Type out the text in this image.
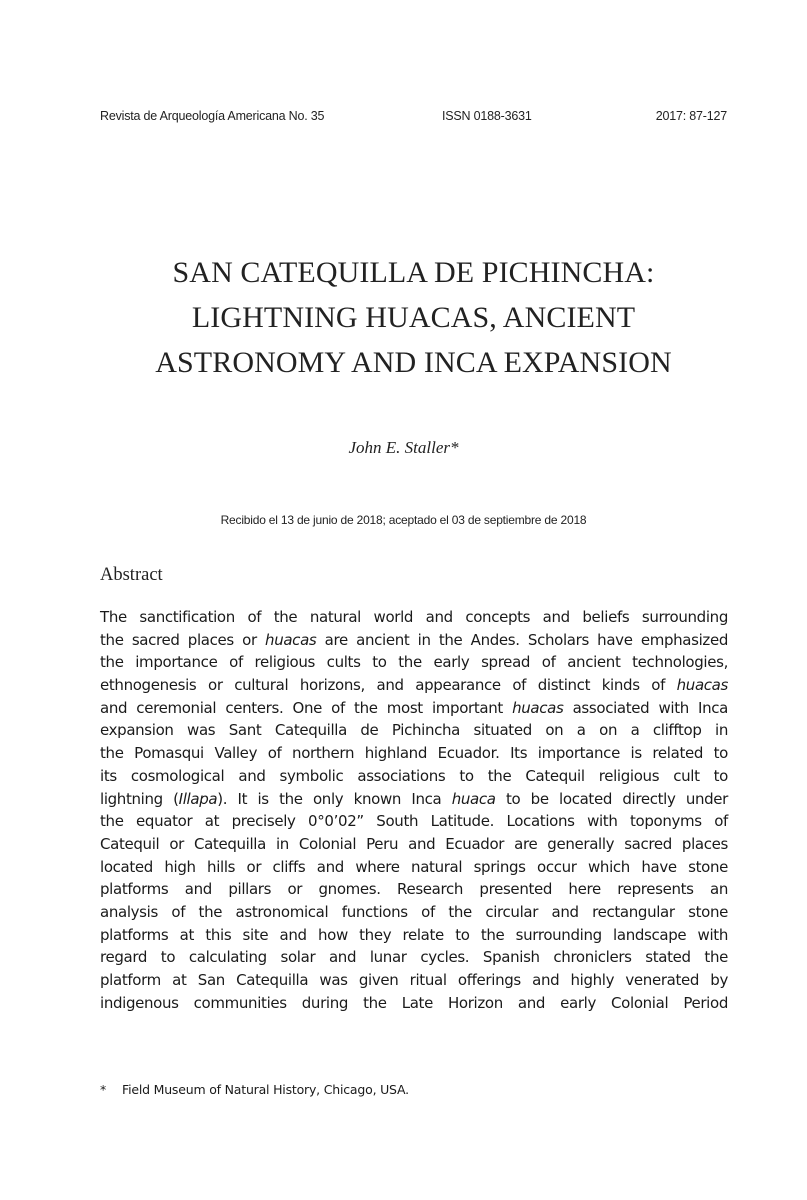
Revista de Arqueología Americana No. 35	ISSN 0188-3631	2017: 87-127
SAN CATEQUILLA DE PICHINCHA:
LIGHTNING HUACAS, ANCIENT
ASTRONOMY AND INCA EXPANSION
John E. Staller*
Recibido el 13 de junio de 2018; aceptado el 03 de septiembre de 2018
Abstract
The sanctification of the natural world and concepts and beliefs surrounding
the sacred places or huacas are ancient in the Andes. Scholars have emphasized
the importance of religious cults to the early spread of ancient technologies,
ethnogenesis or cultural horizons, and appearance of distinct kinds of huacas
and ceremonial centers. One of the most important huacas associated with Inca
expansion was Sant Catequilla de Pichincha situated on a on a clifftop in
the Pomasqui Valley of northern highland Ecuador. Its importance is related to
its cosmological and symbolic associations to the Catequil religious cult to
lightning (Illapa). It is the only known Inca huaca to be located directly under
the equator at precisely 0°0’02” South Latitude. Locations with toponyms of
Catequil or Catequilla in Colonial Peru and Ecuador are generally sacred places
located high hills or cliffs and where natural springs occur which have stone
platforms and pillars or gnomes. Research presented here represents an
analysis of the astronomical functions of the circular and rectangular stone
platforms at this site and how they relate to the surrounding landscape with
regard to calculating solar and lunar cycles. Spanish chroniclers stated the
platform at San Catequilla was given ritual offerings and highly venerated by
indigenous communities during the Late Horizon and early Colonial Period
* Field Museum of Natural History, Chicago, USA.
